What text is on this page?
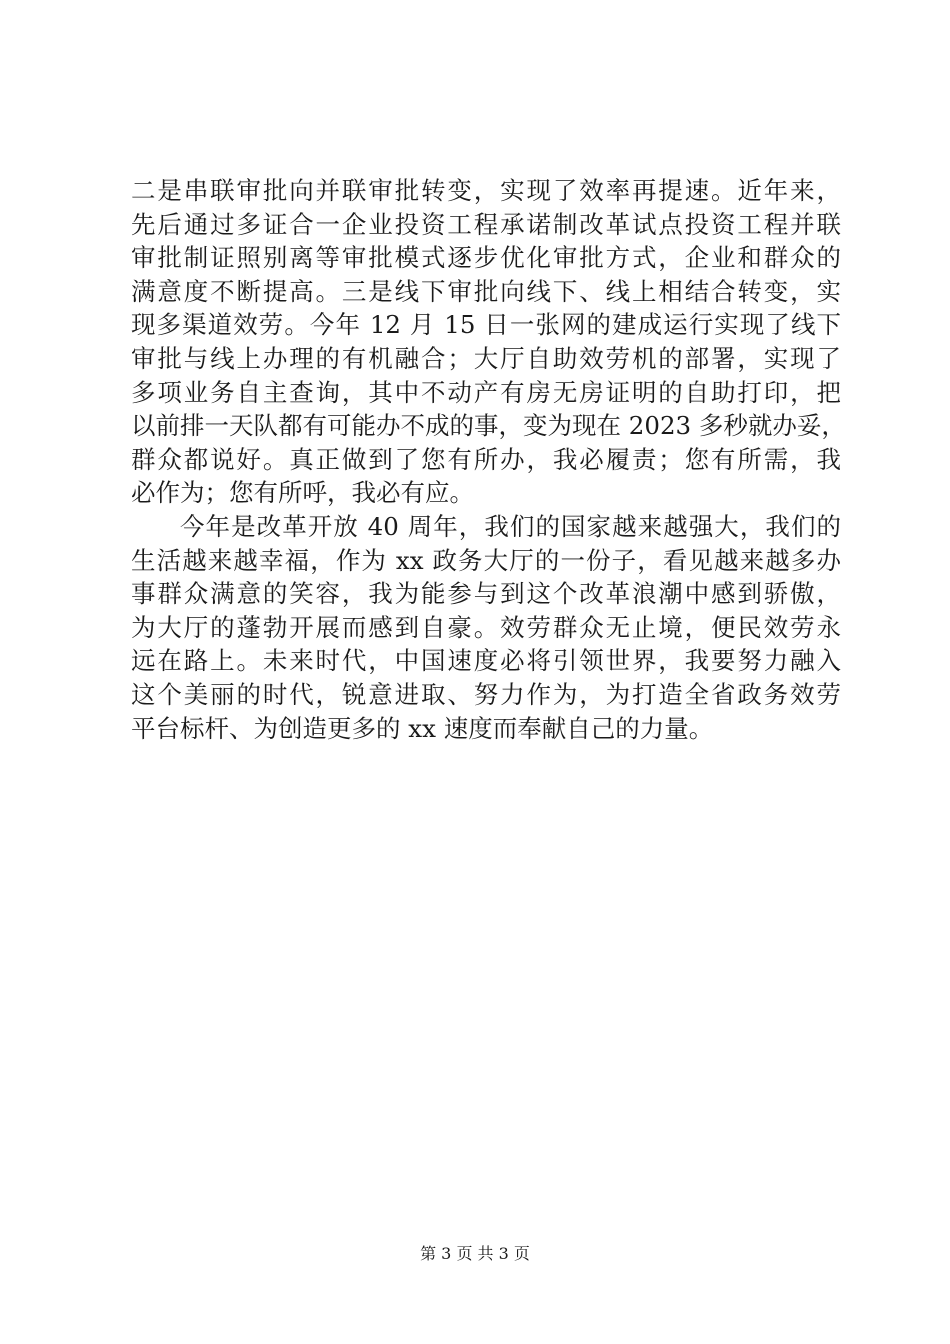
二是串联审批向并联审批转变，实现了效率再提速。近年来，
先后通过多证合一企业投资工程承诺制改革试点投资工程并联
审批制证照别离等审批模式逐步优化审批方式，企业和群众的
满意度不断提高。三是线下审批向线下、线上相结合转变，实
现多渠道效劳。今年 12 月 15 日一张网的建成运行实现了线下
审批与线上办理的有机融合；大厅自助效劳机的部署，实现了
多项业务自主查询，其中不动产有房无房证明的自助打印，把
以前排一天队都有可能办不成的事，变为现在 2023 多秒就办妥，
群众都说好。真正做到了您有所办，我必履责；您有所需，我
必作为；您有所呼，我必有应。
今年是改革开放 40 周年，我们的国家越来越强大，我们的
生活越来越幸福，作为 xx 政务大厅的一份子，看见越来越多办
事群众满意的笑容，我为能参与到这个改革浪潮中感到骄傲，
为大厅的蓬勃开展而感到自豪。效劳群众无止境，便民效劳永
远在路上。未来时代，中国速度必将引领世界，我要努力融入
这个美丽的时代，锐意进取、努力作为，为打造全省政务效劳
平台标杆、为创造更多的 xx 速度而奉献自己的力量。
第 3 页 共 3 页
